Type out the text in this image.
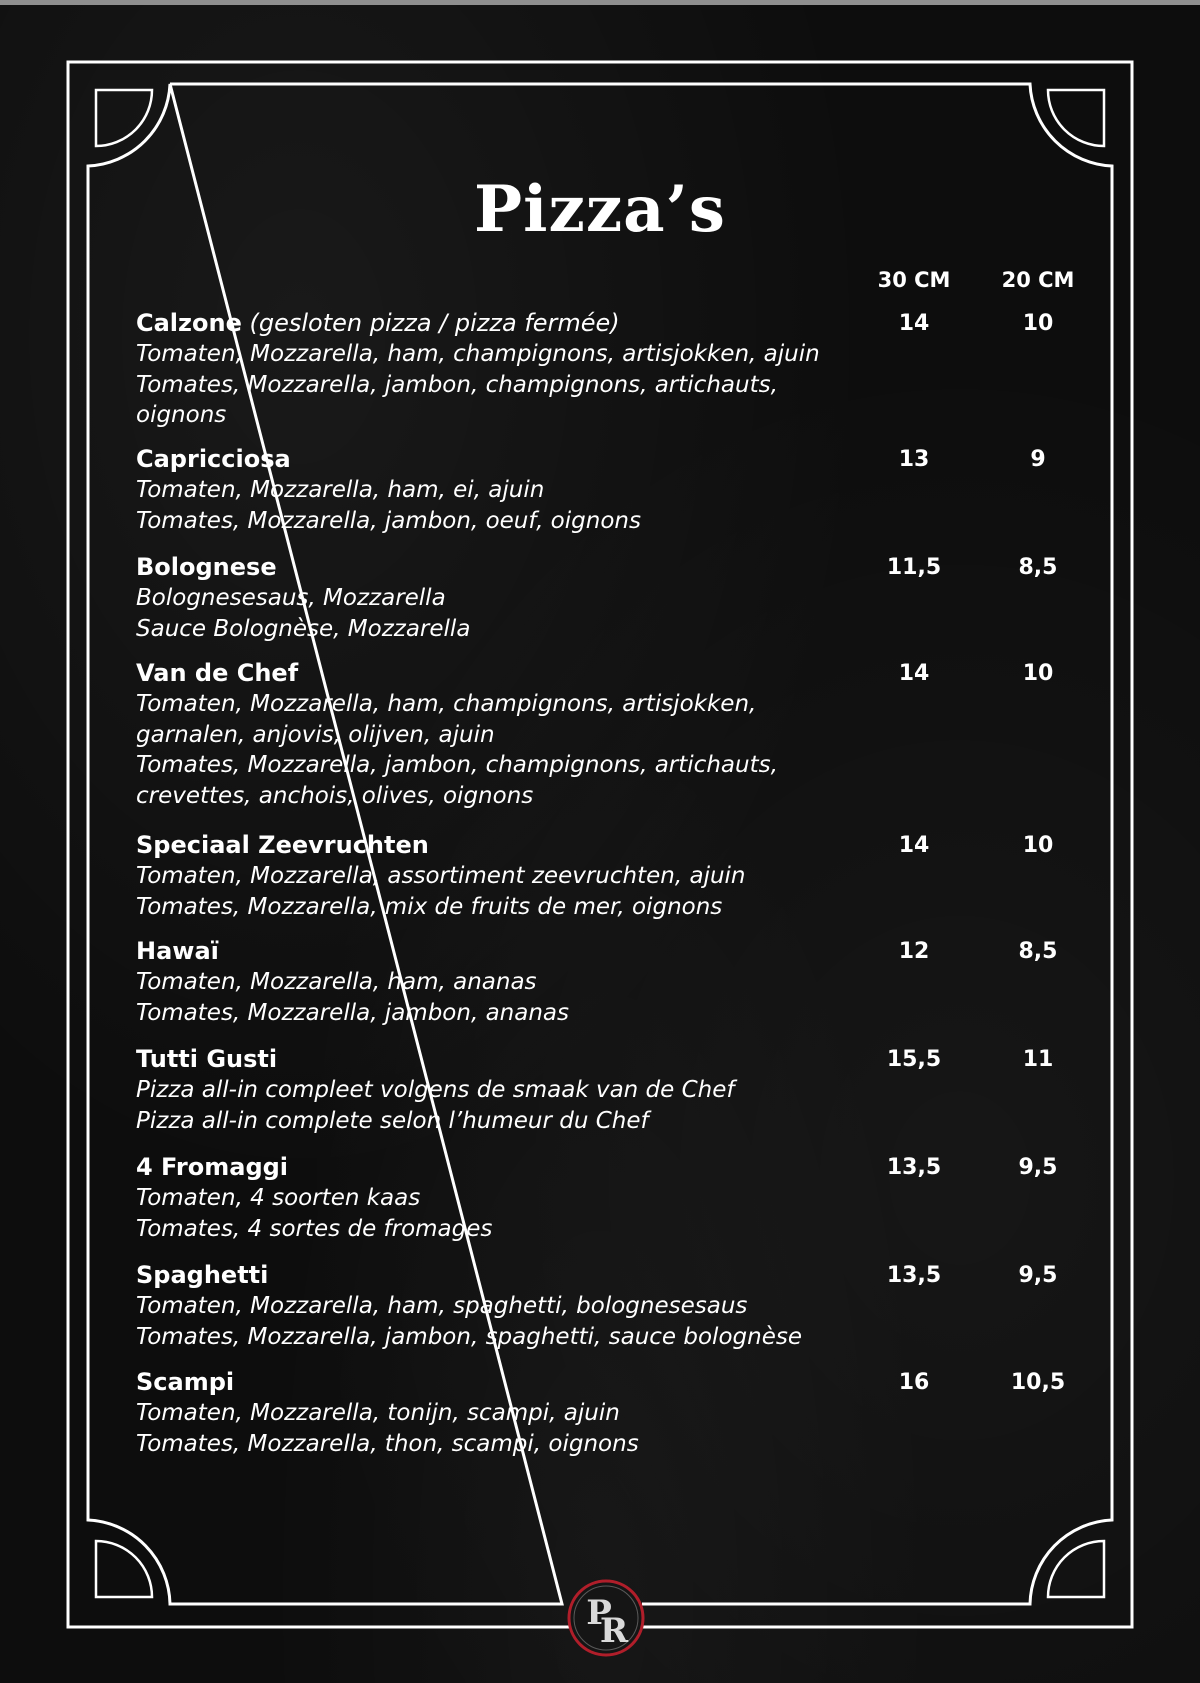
Pizza’s
30 CM	20 CM
Calzone (gesloten pizza / pizza fermée)
Tomaten, Mozzarella, ham, champignons, artisjokken, ajuin
Tomates, Mozzarella, jambon, champignons, artichauts,
oignons
14	10
Capricciosa
Tomaten, Mozzarella, ham, ei, ajuin
Tomates, Mozzarella, jambon, oeuf, oignons
13	9
Bolognese
Bolognesesaus, Mozzarella
Sauce Bolognèse, Mozzarella
11,5	8,5
Van de Chef
Tomaten, Mozzarella, ham, champignons, artisjokken,
garnalen, anjovis, olijven, ajuin
Tomates, Mozzarella, jambon, champignons, artichauts,
crevettes, anchois, olives, oignons
14	10
Speciaal Zeevruchten
Tomaten, Mozzarella, assortiment zeevruchten, ajuin
Tomates, Mozzarella, mix de fruits de mer, oignons
14	10
Hawaï
Tomaten, Mozzarella, ham, ananas
Tomates, Mozzarella, jambon, ananas
12	8,5
Tutti Gusti
Pizza all-in compleet volgens de smaak van de Chef
Pizza all-in complete selon l’humeur du Chef
15,5	11
4 Fromaggi
Tomaten, 4 soorten kaas
Tomates, 4 sortes de fromages
13,5	9,5
Spaghetti
Tomaten, Mozzarella, ham, spaghetti, bolognesesaus
Tomates, Mozzarella, jambon, spaghetti, sauce bolognèse
13,5	9,5
Scampi
Tomaten, Mozzarella, tonijn, scampi, ajuin
Tomates, Mozzarella, thon, scampi, oignons
16	10,5
P
R
